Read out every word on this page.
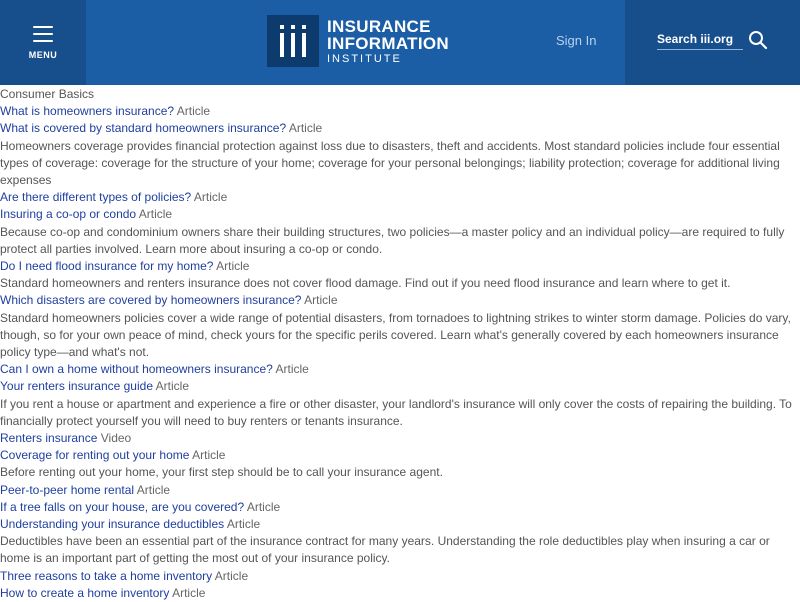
MENU
INSURANCE
INFORMATION
INSTITUTE
Sign In
Search iii.org

Consumer Basics

What is homeowners insurance? Article

What is covered by standard homeowners insurance? Article

Homeowners coverage provides financial protection against loss due to disasters, theft and accidents. Most standard policies include four essential types of coverage: coverage for the structure of your home; coverage for your personal belongings; liability protection; coverage for additional living expenses

Are there different types of policies? Article

Insuring a co-op or condo Article

Because co-op and condominium owners share their building structures, two policies—a master policy and an individual policy—are required to fully protect all parties involved. Learn more about insuring a co-op or condo.

Do I need flood insurance for my home? Article

Standard homeowners and renters insurance does not cover flood damage. Find out if you need flood insurance and learn where to get it.

Which disasters are covered by homeowners insurance? Article

Standard homeowners policies cover a wide range of potential disasters, from tornadoes to lightning strikes to winter storm damage. Policies do vary, though, so for your own peace of mind, check yours for the specific perils covered. Learn what's generally covered by each homeowners insurance policy type—and what's not.

Can I own a home without homeowners insurance? Article

Your renters insurance guide Article

If you rent a house or apartment and experience a fire or other disaster, your landlord's insurance will only cover the costs of repairing the building. To financially protect yourself you will need to buy renters or tenants insurance.

Renters insurance Video

Coverage for renting out your home Article

Before renting out your home, your first step should be to call your insurance agent.

Peer-to-peer home rental Article

If a tree falls on your house, are you covered? Article

Understanding your insurance deductibles Article

Deductibles have been an essential part of the insurance contract for many years. Understanding the role deductibles play when insuring a car or home is an important part of getting the most out of your insurance policy.

Three reasons to take a home inventory Article

How to create a home inventory Article
